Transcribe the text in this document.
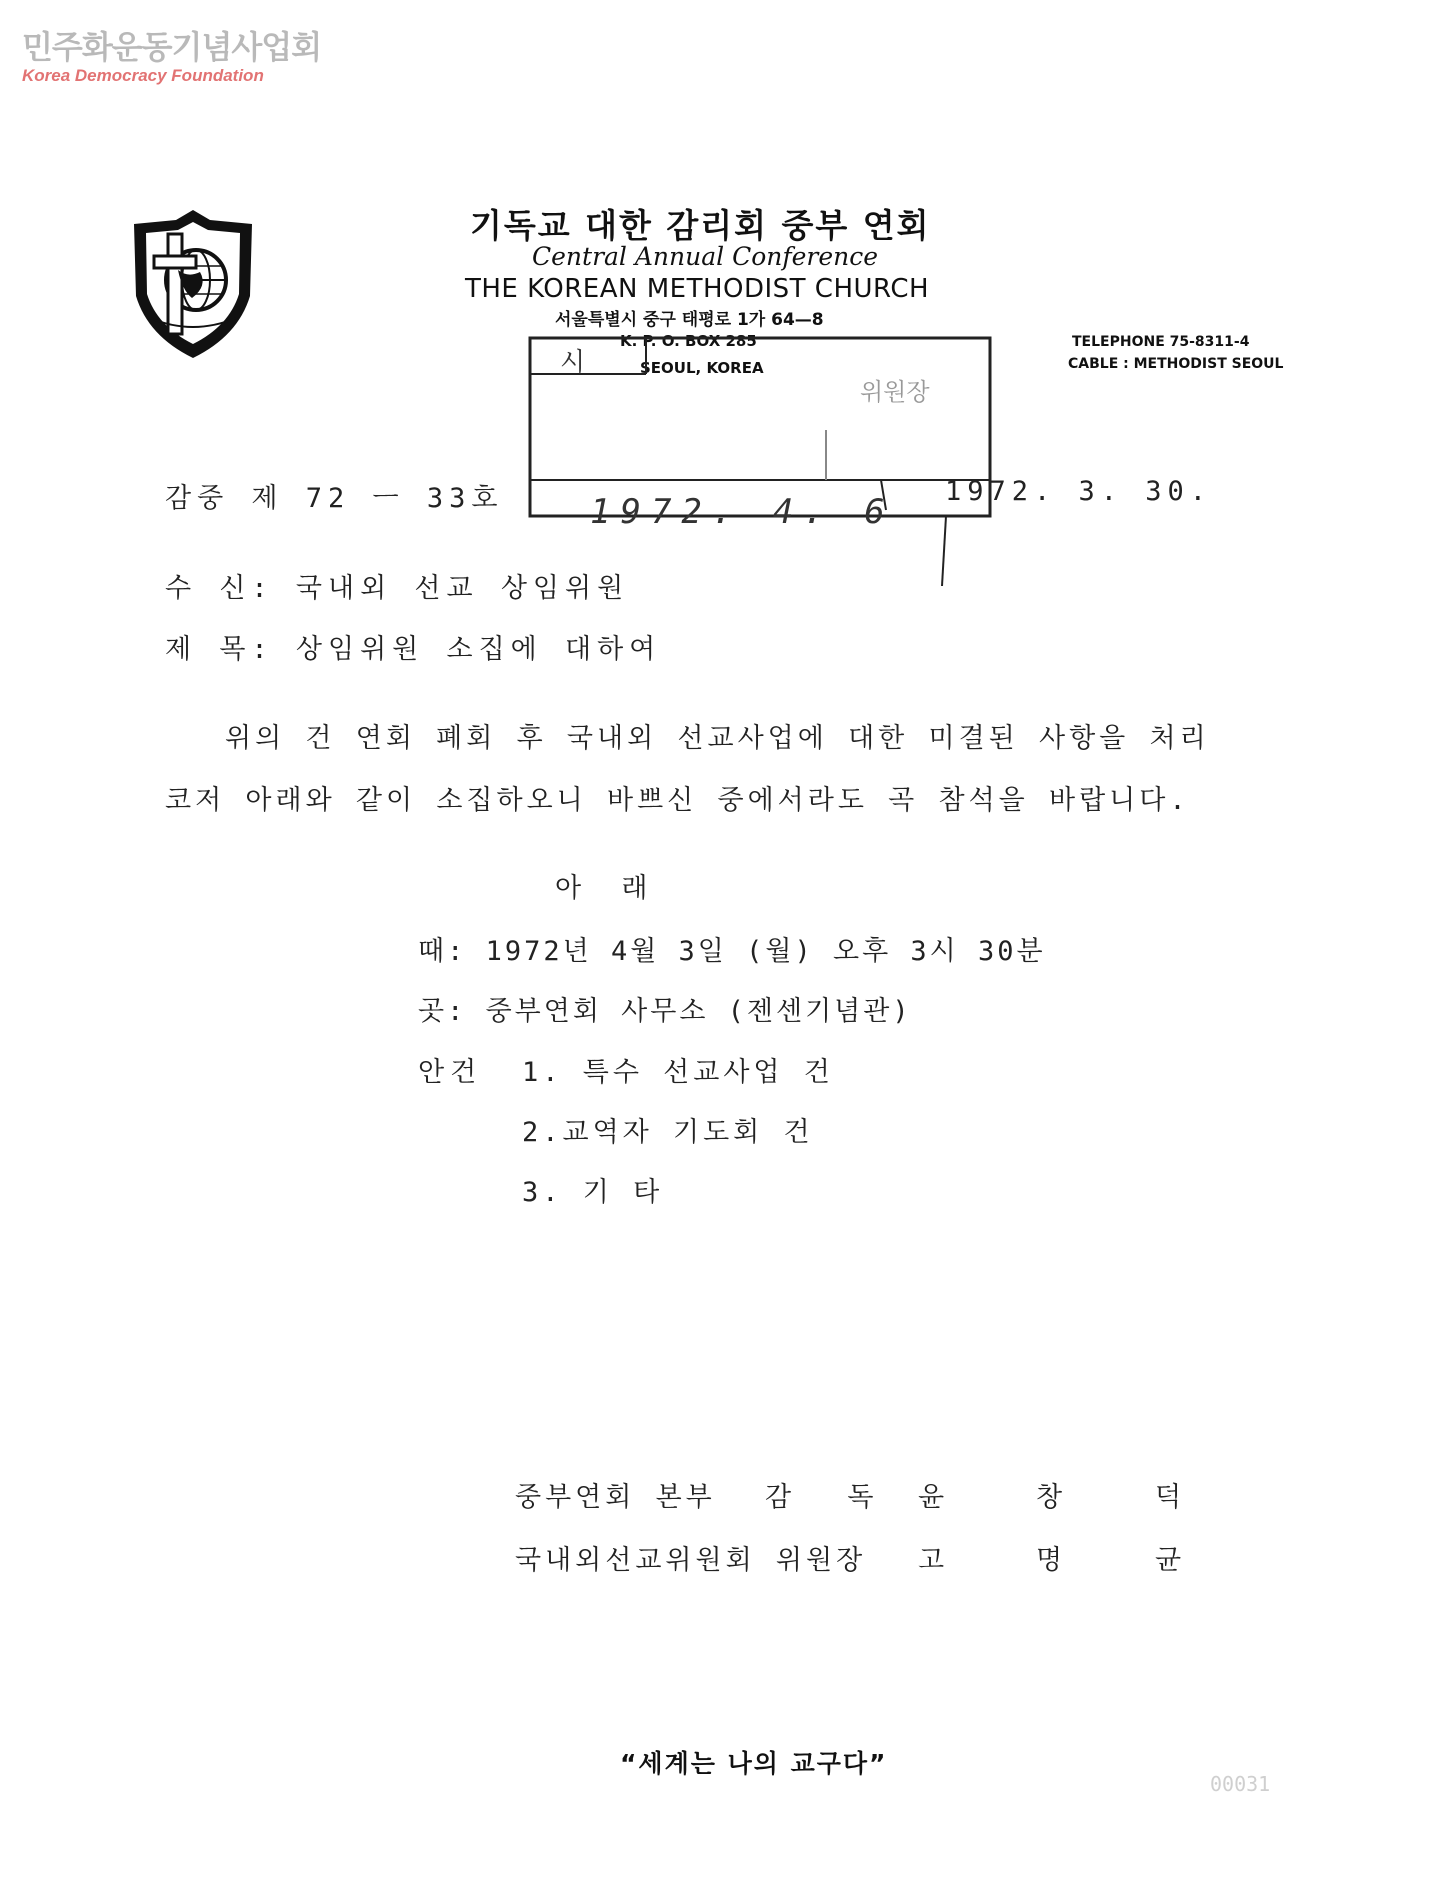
민주화운동기념사업회
Korea Democracy Foundation
기독교 대한 감리회 중부 연회
Central Annual Conference
THE KOREAN METHODIST CHURCH
서울특별시 중구 태평로 1가 64—8
K. P. O. BOX 285
SEOUL, KOREA
TELEPHONE 75-8311-4
CABLE : METHODIST SEOUL
시
위원장
1972. 4. 6
감중 제 72 ㅡ 33호	1972. 3. 30.
수 신: 국내외 선교 상임위원
제 목: 상임위원 소집에 대하여
위의 건 연회 폐회 후 국내외 선교사업에 대한 미결된 사항을 처리
코저 아래와 같이 소집하오니 바쁘신 중에서라도 곡 참석을 바랍니다.
아 래
때: 1972년 4월 3일 (월) 오후 3시 30분
곳: 중부연회 사무소 (젠센기념관)
안건 1. 특수 선교사업 건
2.교역자 기도회 건
3. 기 타
중부연회 본부 감 독 윤	창	덕
국내외선교위원회 위원장 고	명	균
“세계는 나의 교구다”
00031
